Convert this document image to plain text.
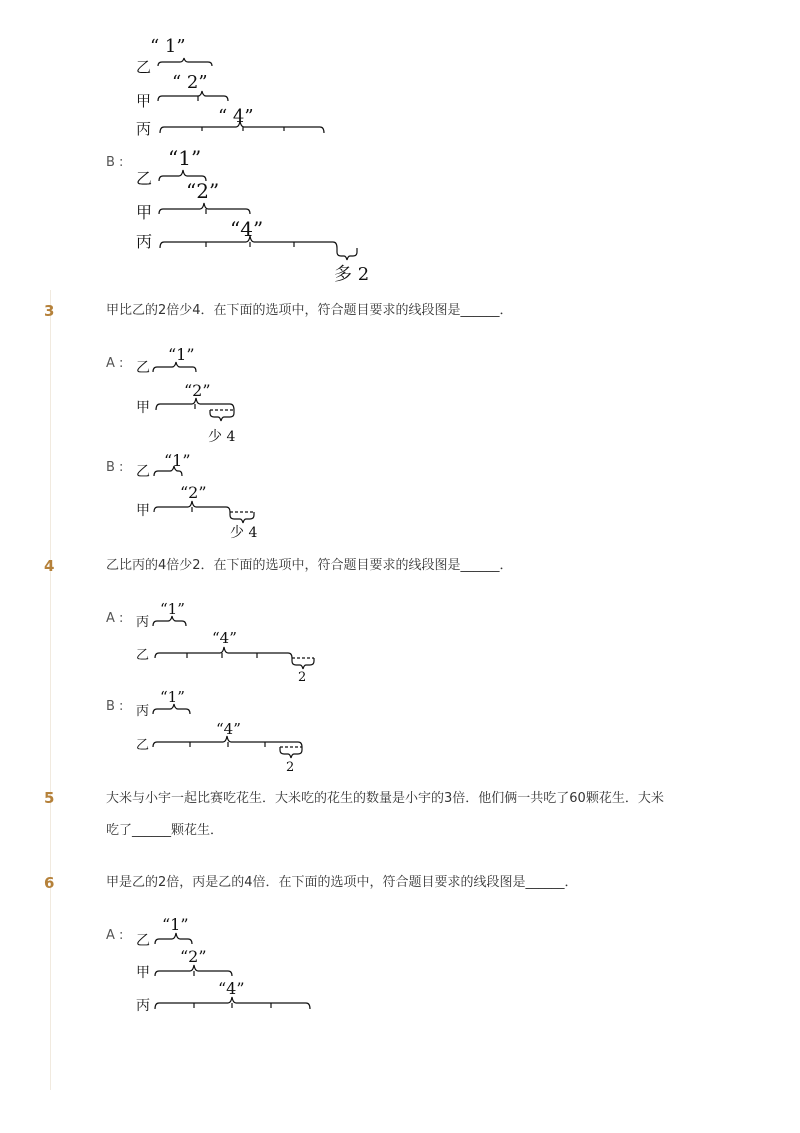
3	甲比乙的2倍少4．在下面的选项中，符合题目要求的线段图是______．
4	乙比丙的4倍少2．在下面的选项中，符合题目要求的线段图是______．
5	大米与小宇一起比赛吃花生．大米吃的花生的数量是小宇的3倍．他们俩一共吃了60颗花生．大米
吃了______颗花生．
6	甲是乙的2倍，丙是乙的4倍．在下面的选项中，符合题目要求的线段图是______．
B :
A :
B :
A :
B :
A :
“ 1”
乙
“ 2”
甲
“ 4”
丙
“1”
乙
“2”
甲
“4”
丙
多 2
“1”
乙
“2”
甲
少 4
“1”
乙
“2”
甲
少 4
“1”
丙
“4”
乙
2
“1”
丙
“4”
乙
2
“1”
乙
“2”
甲
“4”
丙
